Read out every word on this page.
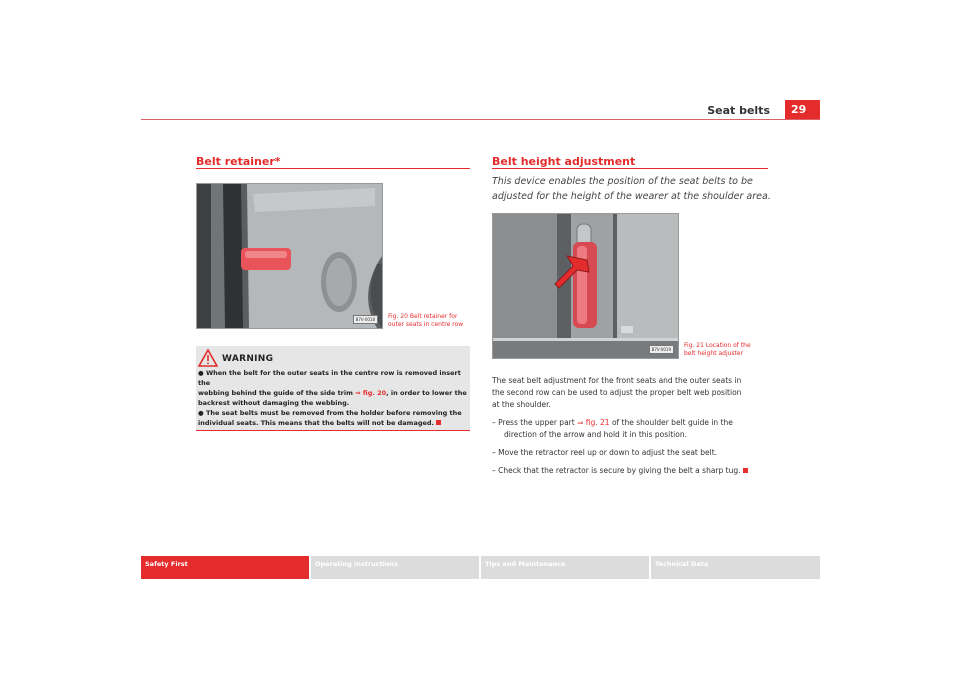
Seat belts	29
Belt retainer*
B7V-0018	Fig. 20 Belt retainer for
outer seats in centre row
WARNING
● When the belt for the outer seats in the centre row is removed insert the
webbing behind the guide of the side trim ⇒ fig. 20, in order to lower the
backrest without damaging the webbing.
● The seat belts must be removed from the holder before removing the
individual seats. This means that the belts will not be damaged.
Belt height adjustment
This device enables the position of the seat belts to be
adjusted for the height of the wearer at the shoulder area.
B7V-0019
Fig. 21 Location of the
belt height adjuster
The seat belt adjustment for the front seats and the outer seats in
the second row can be used to adjust the proper belt web position
at the shoulder.
– Press the upper part ⇒ fig. 21 of the shoulder belt guide in the
direction of the arrow and hold it in this position.
– Move the retractor reel up or down to adjust the seat belt.
– Check that the retractor is secure by giving the belt a sharp tug.
Safety First	Operating instructions	Tips and Maintenance	Technical Data
